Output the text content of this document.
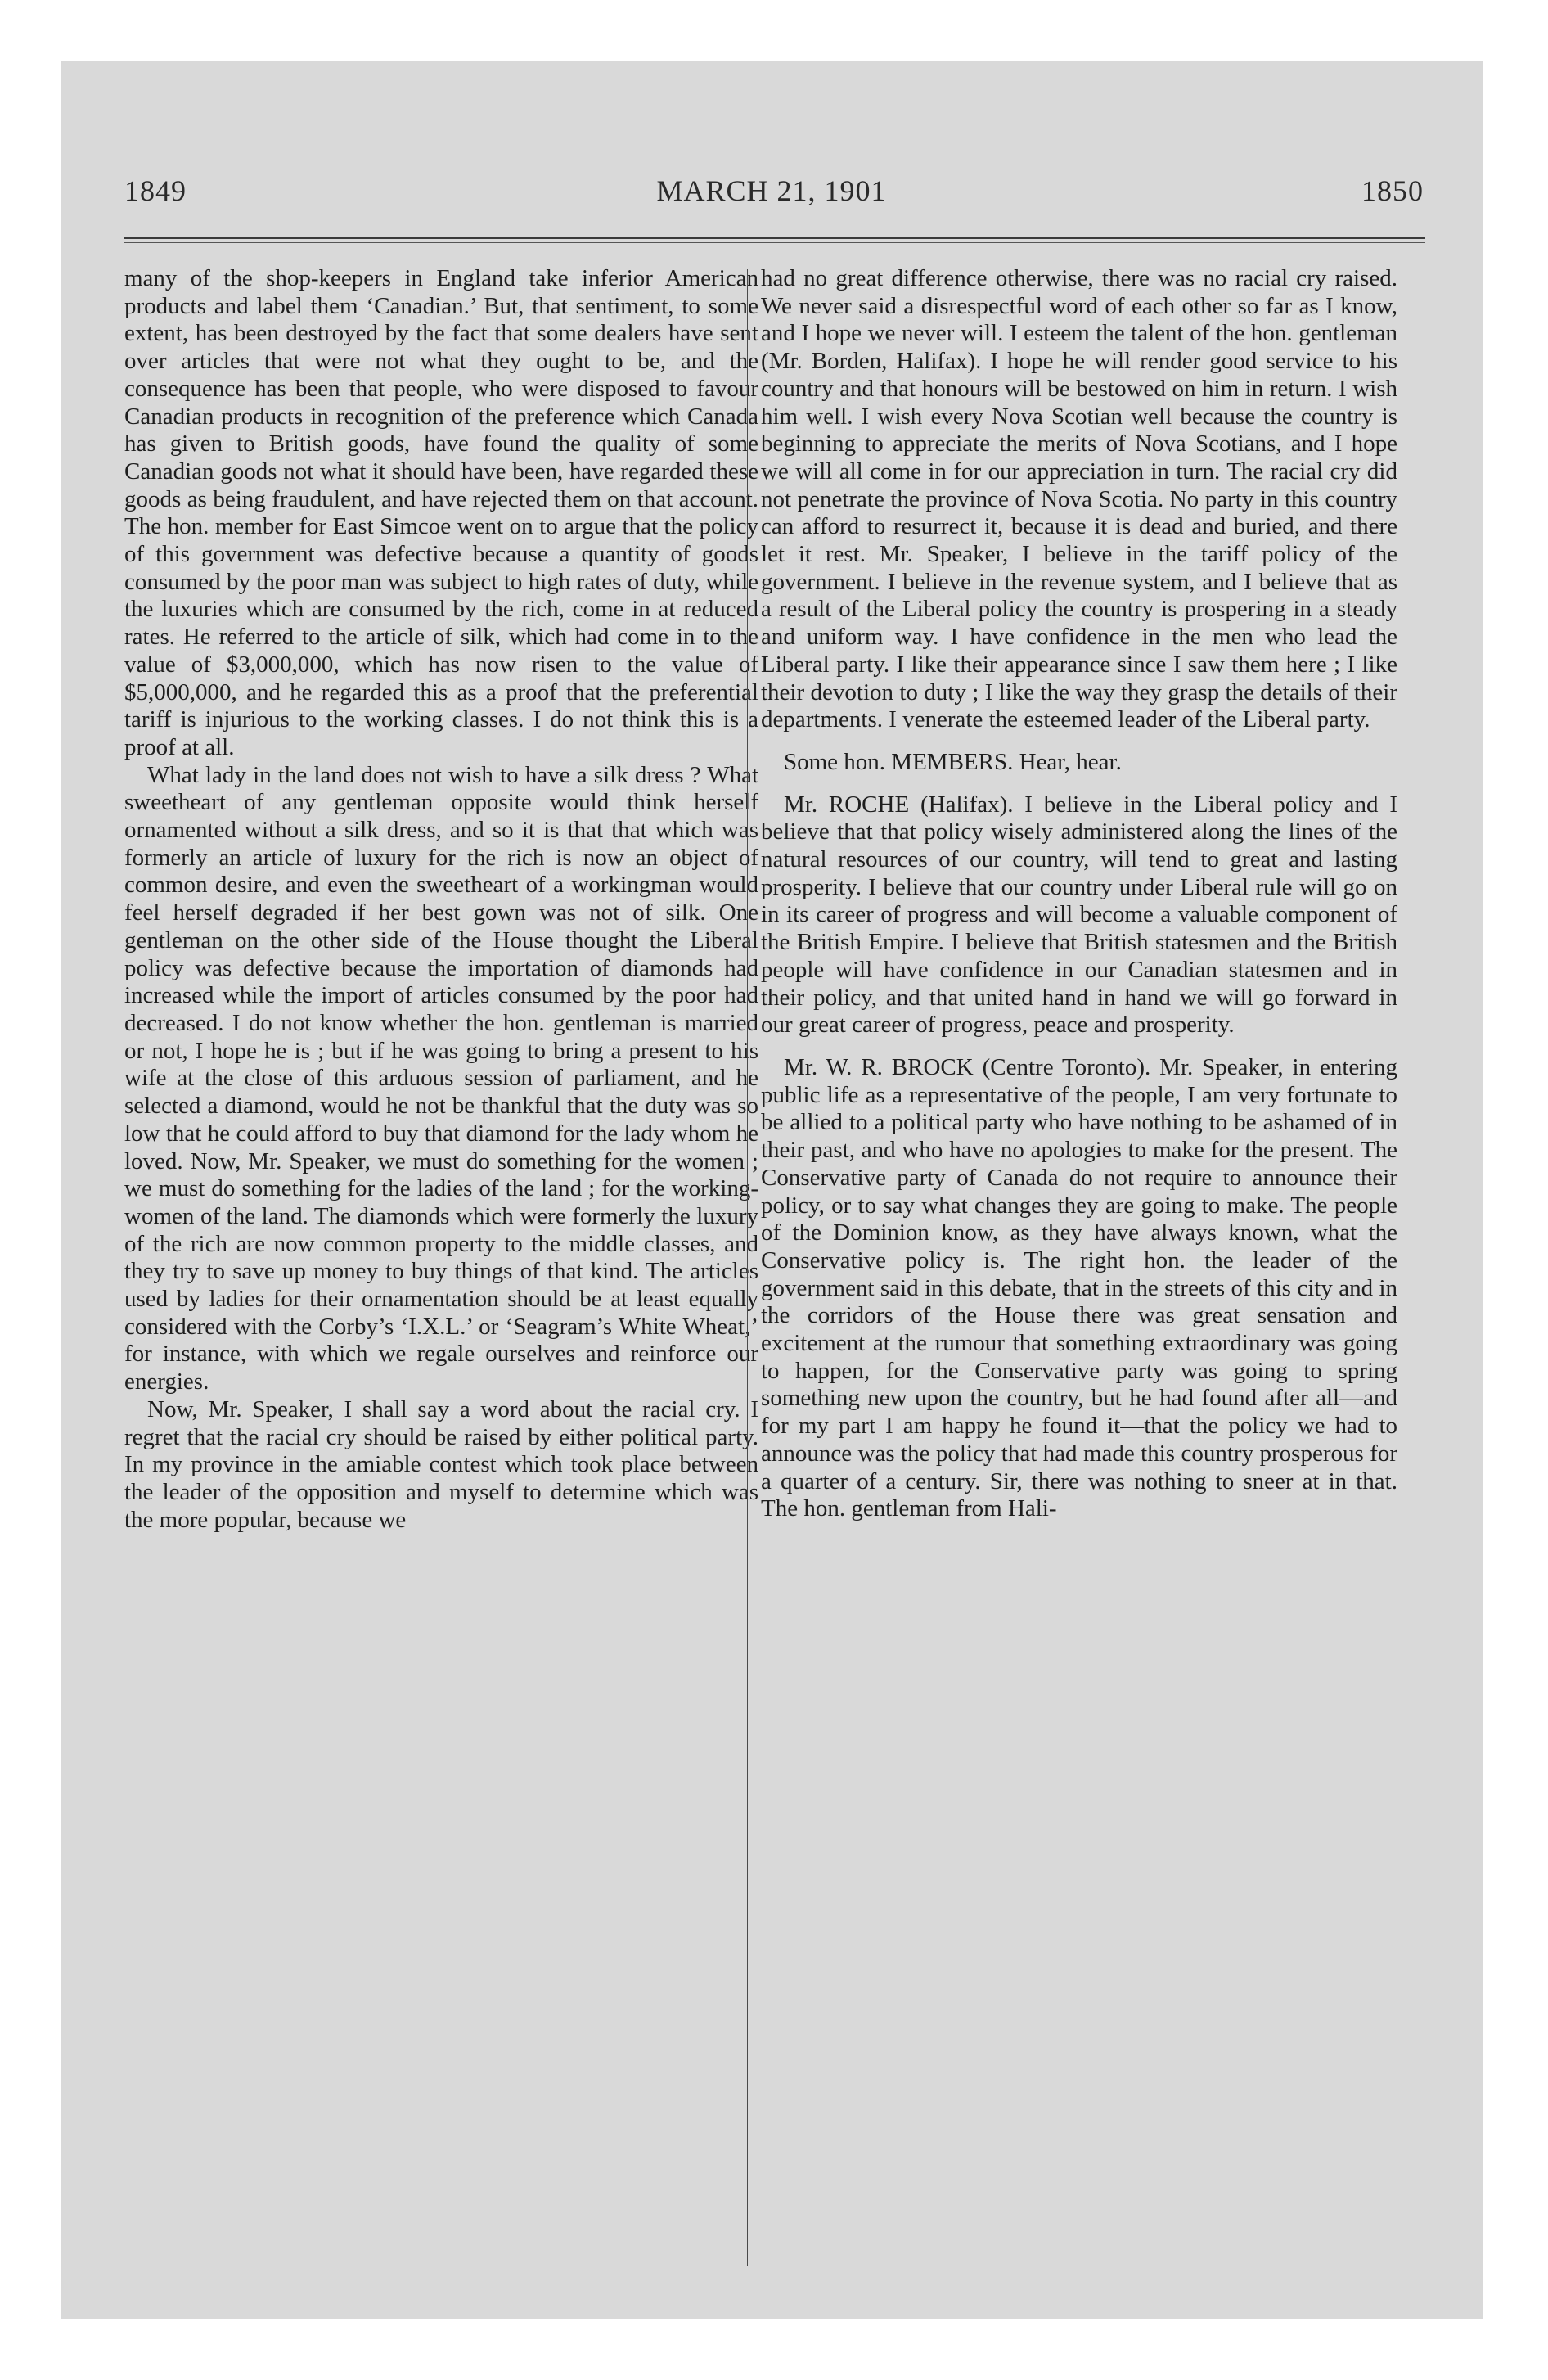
1849	MARCH 21, 1901	1850

many of the shop-keepers in England take inferior American products and label them ‘Canadian.’ But, that sentiment, to some extent, has been destroyed by the fact that some dealers have sent over articles that were not what they ought to be, and the consequence has been that people, who were disposed to favour Canadian products in recognition of the preference which Canada has given to British goods, have found the quality of some Canadian goods not what it should have been, have regarded these goods as being fraudulent, and have rejected them on that account. The hon. member for East Simcoe went on to argue that the policy of this government was defective because a quantity of goods consumed by the poor man was subject to high rates of duty, while the luxuries which are consumed by the rich, come in at reduced rates. He referred to the article of silk, which had come in to the value of $3,000,000, which has now risen to the value of $5,000,000, and he regarded this as a proof that the preferential tariff is injurious to the working classes. I do not think this is a proof at all.

What lady in the land does not wish to have a silk dress ? What sweetheart of any gentleman opposite would think herself ornamented without a silk dress, and so it is that that which was formerly an article of luxury for the rich is now an object of common desire, and even the sweetheart of a workingman would feel herself degraded if her best gown was not of silk. One gentleman on the other side of the House thought the Liberal policy was defective because the importation of diamonds had increased while the import of articles consumed by the poor had decreased. I do not know whether the hon. gentleman is married or not, I hope he is ; but if he was going to bring a present to his wife at the close of this arduous session of parliament, and he selected a diamond, would he not be thankful that the duty was so low that he could afford to buy that diamond for the lady whom he loved. Now, Mr. Speaker, we must do something for the women ; we must do something for the ladies of the land ; for the working-women of the land. The diamonds which were formerly the luxury of the rich are now common property to the middle classes, and they try to save up money to buy things of that kind. The articles used by ladies for their ornamentation should be at least equally considered with the Corby’s ‘I.X.L.’ or ‘Seagram’s White Wheat,’ for instance, with which we regale ourselves and reinforce our energies.

Now, Mr. Speaker, I shall say a word about the racial cry. I regret that the racial cry should be raised by either political party. In my province in the amiable contest which took place between the leader of the opposition and myself to determine which was the more popular, because we

had no great difference otherwise, there was no racial cry raised. We never said a disrespectful word of each other so far as I know, and I hope we never will. I esteem the talent of the hon. gentleman (Mr. Borden, Halifax). I hope he will render good service to his country and that honours will be bestowed on him in return. I wish him well. I wish every Nova Scotian well because the country is beginning to appreciate the merits of Nova Scotians, and I hope we will all come in for our appreciation in turn. The racial cry did not penetrate the province of Nova Scotia. No party in this country can afford to resurrect it, because it is dead and buried, and there let it rest. Mr. Speaker, I believe in the tariff policy of the government. I believe in the revenue system, and I believe that as a result of the Liberal policy the country is prospering in a steady and uniform way. I have confidence in the men who lead the Liberal party. I like their appearance since I saw them here ; I like their devotion to duty ; I like the way they grasp the details of their departments. I venerate the esteemed leader of the Liberal party.

Some hon. MEMBERS. Hear, hear.

Mr. ROCHE (Halifax). I believe in the Liberal policy and I believe that that policy wisely administered along the lines of the natural resources of our country, will tend to great and lasting prosperity. I believe that our country under Liberal rule will go on in its career of progress and will become a valuable component of the British Empire. I believe that British statesmen and the British people will have confidence in our Canadian statesmen and in their policy, and that united hand in hand we will go forward in our great career of progress, peace and prosperity.

Mr. W. R. BROCK (Centre Toronto). Mr. Speaker, in entering public life as a representative of the people, I am very fortunate to be allied to a political party who have nothing to be ashamed of in their past, and who have no apologies to make for the present. The Conservative party of Canada do not require to announce their policy, or to say what changes they are going to make. The people of the Dominion know, as they have always known, what the Conservative policy is. The right hon. the leader of the government said in this debate, that in the streets of this city and in the corridors of the House there was great sensation and excitement at the rumour that something extraordinary was going to happen, for the Conservative party was going to spring something new upon the country, but he had found after all—and for my part I am happy he found it—that the policy we had to announce was the policy that had made this country prosperous for a quarter of a century. Sir, there was nothing to sneer at in that. The hon. gentleman from Hali-
